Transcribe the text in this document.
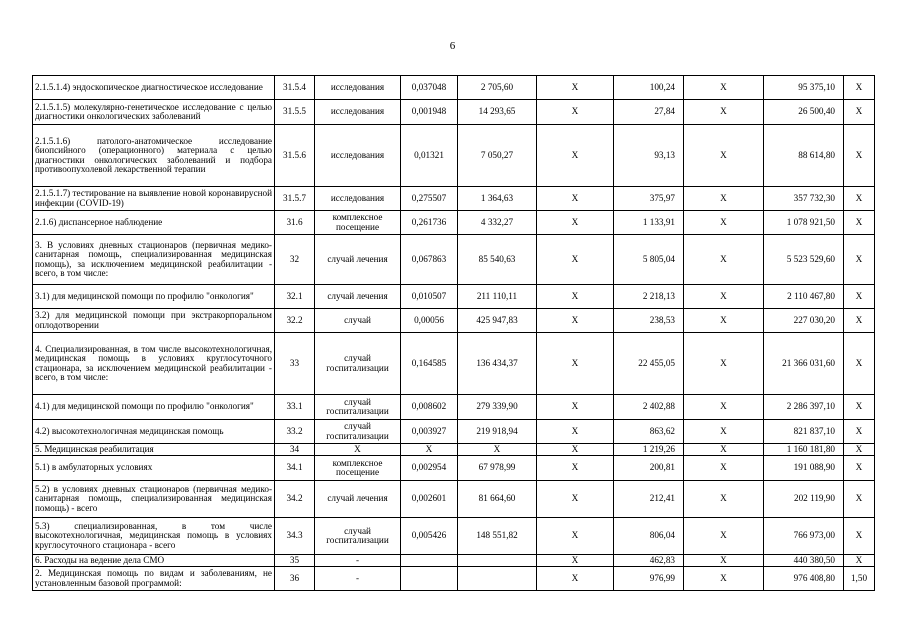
6
2.1.5.1.4) эндоскопическое диагностическое исследование	31.5.4	исследования	0,037048	2 705,60	Х	100,24	Х	95 375,10	Х
2.1.5.1.5) молекулярно-генетическое исследование с целью диагностики онкологических заболеваний	31.5.5	исследования	0,001948	14 293,65	Х	27,84	Х	26 500,40	Х
2.1.5.1.6) патолого-анатомическое исследование биопсийного (операционного) материала с целью диагностики онкологических заболеваний и подбора противоопухолевой лекарственной терапии	31.5.6	исследования	0,01321	7 050,27	Х	93,13	Х	88 614,80	Х
2.1.5.1.7) тестирование на выявление новой коронавирусной инфекции (COVID-19)	31.5.7	исследования	0,275507	1 364,63	Х	375,97	Х	357 732,30	Х
2.1.6) диспансерное наблюдение	31.6	комплексное посещение	0,261736	4 332,27	Х	1 133,91	Х	1 078 921,50	Х
3. В условиях дневных стационаров (первичная медико-санитарная помощь, специализированная медицинская помощь), за исключением медицинской реабилитации - всего, в том числе:	32	случай лечения	0,067863	85 540,63	Х	5 805,04	Х	5 523 529,60	Х
3.1) для медицинской помощи по профилю "онкология"	32.1	случай лечения	0,010507	211 110,11	Х	2 218,13	Х	2 110 467,80	Х
3.2) для медицинской помощи при экстракорпоральном оплодотворении	32.2	случай	0,00056	425 947,83	Х	238,53	Х	227 030,20	Х
4. Специализированная, в том числе высокотехнологичная, медицинская помощь в условиях круглосуточного стационара, за исключением медицинской реабилитации - всего, в том числе:	33	случай госпитализации	0,164585	136 434,37	Х	22 455,05	Х	21 366 031,60	Х
4.1) для медицинской помощи по профилю "онкология"	33.1	случай госпитализации	0,008602	279 339,90	Х	2 402,88	Х	2 286 397,10	Х
4.2) высокотехнологичная медицинская помощь	33.2	случай госпитализации	0,003927	219 918,94	Х	863,62	Х	821 837,10	Х
5. Медицинская реабилитация	34	Х	Х	Х	Х	1 219,26	Х	1 160 181,80	Х
5.1) в амбулаторных условиях	34.1	комплексное посещение	0,002954	67 978,99	Х	200,81	Х	191 088,90	Х
5.2) в условиях дневных стационаров (первичная медико-санитарная помощь, специализированная медицинская помощь) - всего	34.2	случай лечения	0,002601	81 664,60	Х	212,41	Х	202 119,90	Х
5.3) специализированная, в том числе высокотехнологичная, медицинская помощь в условиях круглосуточного стационара - всего	34.3	случай госпитализации	0,005426	148 551,82	Х	806,04	Х	766 973,00	Х
6. Расходы на ведение дела СМО	35	-			Х	462,83	Х	440 380,50	Х
2. Медицинская помощь по видам и заболеваниям, не установленным базовой программой:	36	-			Х	976,99	Х	976 408,80	1,50
